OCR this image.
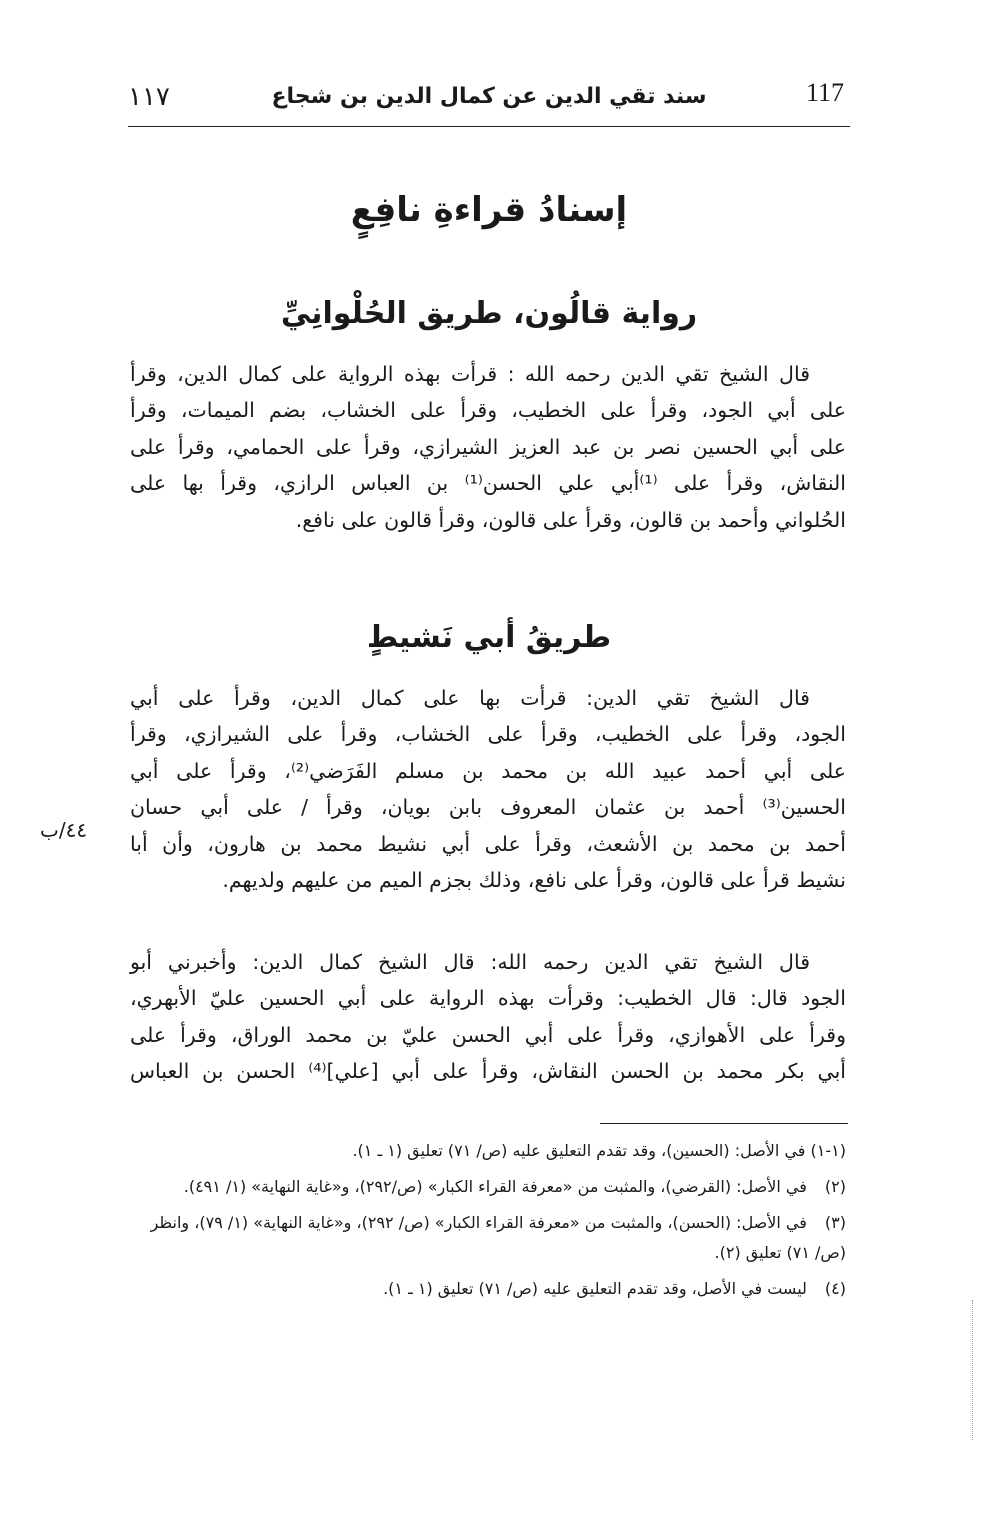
١١٧	سند تقي الدين عن كمال الدين بن شجاع	117
إسنادُ قراءةِ نافِعٍ
رواية قالُون، طريق الحُلْوانِيِّ
قال الشيخ تقي الدين رحمه الله : قرأت بهذه الرواية على كمال الدين، وقرأ
على أبي الجود، وقرأ على الخطيب، وقرأ على الخشاب، بضم الميمات، وقرأ
على أبي الحسين نصر بن عبد العزيز الشيرازي، وقرأ على الحمامي، وقرأ على
النقاش، وقرأ على ⁽¹⁾أبي علي الحسن⁽¹⁾ بن العباس الرازي، وقرأ بها على
الحُلواني وأحمد بن قالون، وقرأ على قالون، وقرأ قالون على نافع.
طريقُ أبي نَشيطٍ
قال الشيخ تقي الدين: قرأت بها على كمال الدين، وقرأ على أبي
الجود، وقرأ على الخطيب، وقرأ على الخشاب، وقرأ على الشيرازي، وقرأ
على أبي أحمد عبيد الله بن محمد بن مسلم الفَرَضي⁽²⁾، وقرأ على أبي
الحسين⁽³⁾ أحمد بن عثمان المعروف بابن بويان، وقرأ / على أبي حسان
أحمد بن محمد بن الأشعث، وقرأ على أبي نشيط محمد بن هارون، وأن أبا
نشيط قرأ على قالون، وقرأ على نافع، وذلك بجزم الميم من عليهم ولديهم.
٤٤/ب
قال الشيخ تقي الدين رحمه الله: قال الشيخ كمال الدين: وأخبرني أبو
الجود قال: قال الخطيب: وقرأت بهذه الرواية على أبي الحسين عليّ الأبهري،
وقرأ على الأهوازي، وقرأ على أبي الحسن عليّ بن محمد الوراق، وقرأ على
أبي بكر محمد بن الحسن النقاش، وقرأ على أبي [علي]⁽⁴⁾ الحسن بن العباس
(١-١) في الأصل: (الحسين)، وقد تقدم التعليق عليه (ص/ ٧١) تعليق (١ ـ ١).
(٢) في الأصل: (القرضي)، والمثبت من «معرفة القراء الكبار» (ص/٢٩٢)، و«غاية النهاية» (١/ ٤٩١).
(٣) في الأصل: (الحسن)، والمثبت من «معرفة القراء الكبار» (ص/ ٢٩٢)، و«غاية النهاية» (١/ ٧٩)، وانظر (ص/ ٧١) تعليق (٢).
(٤) ليست في الأصل، وقد تقدم التعليق عليه (ص/ ٧١) تعليق (١ ـ ١).
